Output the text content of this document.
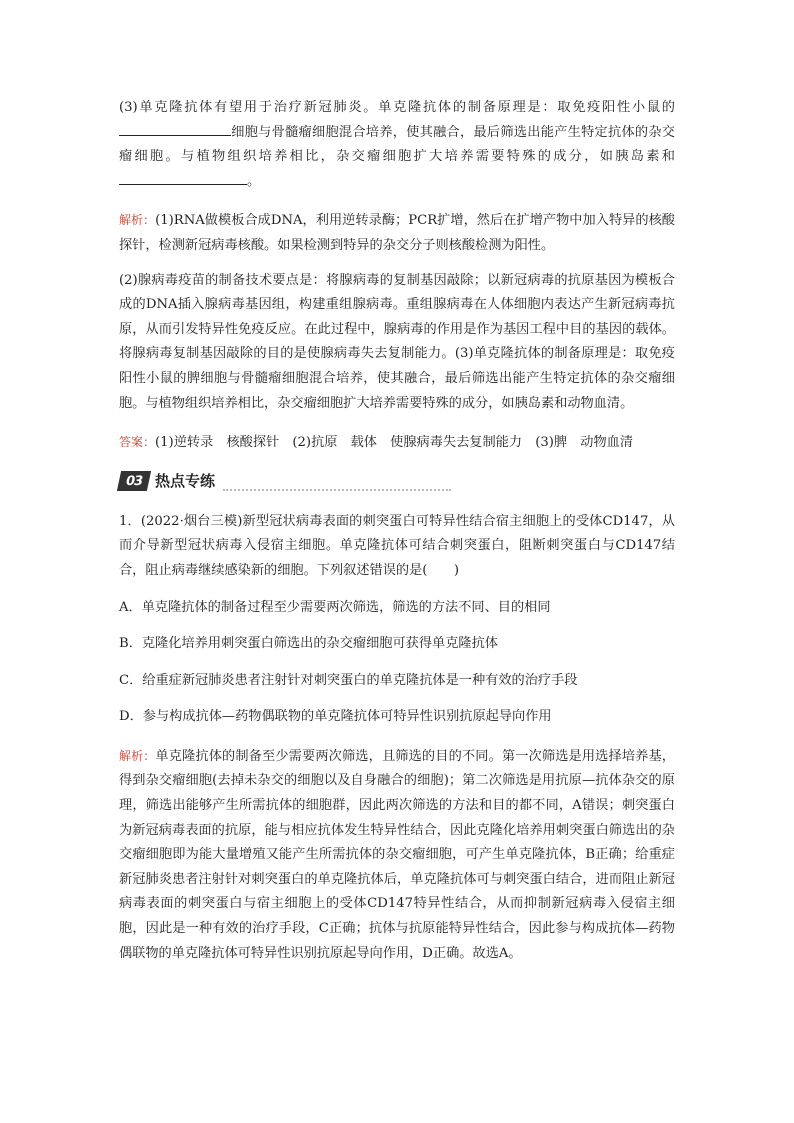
(3)单克隆抗体有望用于治疗新冠肺炎。单克隆抗体的制备原理是：取免疫阳性小鼠的细胞与骨髓瘤细胞混合培养，使其融合，最后筛选出能产生特定抗体的杂交瘤细胞。与植物组织培养相比，杂交瘤细胞扩大培养需要特殊的成分，如胰岛素和。

解析：(1)RNA做模板合成DNA，利用逆转录酶；PCR扩增，然后在扩增产物中加入特异的核酸探针，检测新冠病毒核酸。如果检测到特异的杂交分子则核酸检测为阳性。

(2)腺病毒疫苗的制备技术要点是：将腺病毒的复制基因敲除；以新冠病毒的抗原基因为模板合成的DNA插入腺病毒基因组，构建重组腺病毒。重组腺病毒在人体细胞内表达产生新冠病毒抗原，从而引发特异性免疫反应。在此过程中，腺病毒的作用是作为基因工程中目的基因的载体。将腺病毒复制基因敲除的目的是使腺病毒失去复制能力。(3)单克隆抗体的制备原理是：取免疫阳性小鼠的脾细胞与骨髓瘤细胞混合培养，使其融合，最后筛选出能产生特定抗体的杂交瘤细胞。与植物组织培养相比，杂交瘤细胞扩大培养需要特殊的成分，如胰岛素和动物血清。

答案：(1)逆转录　核酸探针　(2)抗原　载体　使腺病毒失去复制能力　(3)脾　动物血清

03 热点专练

1．(2022·烟台三模)新型冠状病毒表面的刺突蛋白可特异性结合宿主细胞上的受体CD147，从而介导新型冠状病毒入侵宿主细胞。单克隆抗体可结合刺突蛋白，阻断刺突蛋白与CD147结合，阻止病毒继续感染新的细胞。下列叙述错误的是(　　)

A．单克隆抗体的制备过程至少需要两次筛选，筛选的方法不同、目的相同

B．克隆化培养用刺突蛋白筛选出的杂交瘤细胞可获得单克隆抗体

C．给重症新冠肺炎患者注射针对刺突蛋白的单克隆抗体是一种有效的治疗手段

D．参与构成抗体—药物偶联物的单克隆抗体可特异性识别抗原起导向作用

解析：单克隆抗体的制备至少需要两次筛选，且筛选的目的不同。第一次筛选是用选择培养基，得到杂交瘤细胞(去掉未杂交的细胞以及自身融合的细胞)；第二次筛选是用抗原—抗体杂交的原理，筛选出能够产生所需抗体的细胞群，因此两次筛选的方法和目的都不同，A错误；刺突蛋白为新冠病毒表面的抗原，能与相应抗体发生特异性结合，因此克隆化培养用刺突蛋白筛选出的杂交瘤细胞即为能大量增殖又能产生所需抗体的杂交瘤细胞，可产生单克隆抗体，B正确；给重症新冠肺炎患者注射针对刺突蛋白的单克隆抗体后，单克隆抗体可与刺突蛋白结合，进而阻止新冠病毒表面的刺突蛋白与宿主细胞上的受体CD147特异性结合，从而抑制新冠病毒入侵宿主细胞，因此是一种有效的治疗手段，C正确；抗体与抗原能特异性结合，因此参与构成抗体—药物偶联物的单克隆抗体可特异性识别抗原起导向作用，D正确。故选A。
